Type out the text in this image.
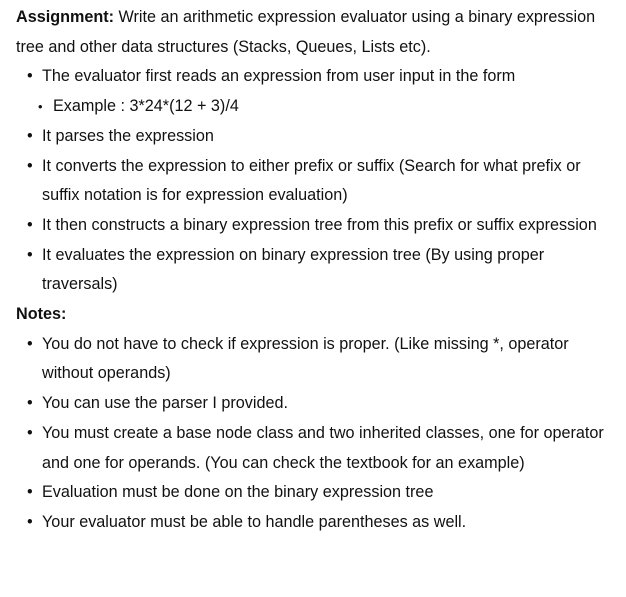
Assignment: Write an arithmetic expression evaluator using a binary expression tree and other data structures (Stacks, Queues, Lists etc).

• The evaluator first reads an expression from user input in the form
• Example : 3*24*(12 + 3)/4
• It parses the expression
• It converts the expression to either prefix or suffix (Search for what prefix or suffix notation is for expression evaluation)
• It then constructs a binary expression tree from this prefix or suffix expression
• It evaluates the expression on binary expression tree (By using proper traversals)

Notes:

• You do not have to check if expression is proper. (Like missing *, operator without operands)
• You can use the parser I provided.
• You must create a base node class and two inherited classes, one for operator and one for operands. (You can check the textbook for an example)
• Evaluation must be done on the binary expression tree
• Your evaluator must be able to handle parentheses as well.
